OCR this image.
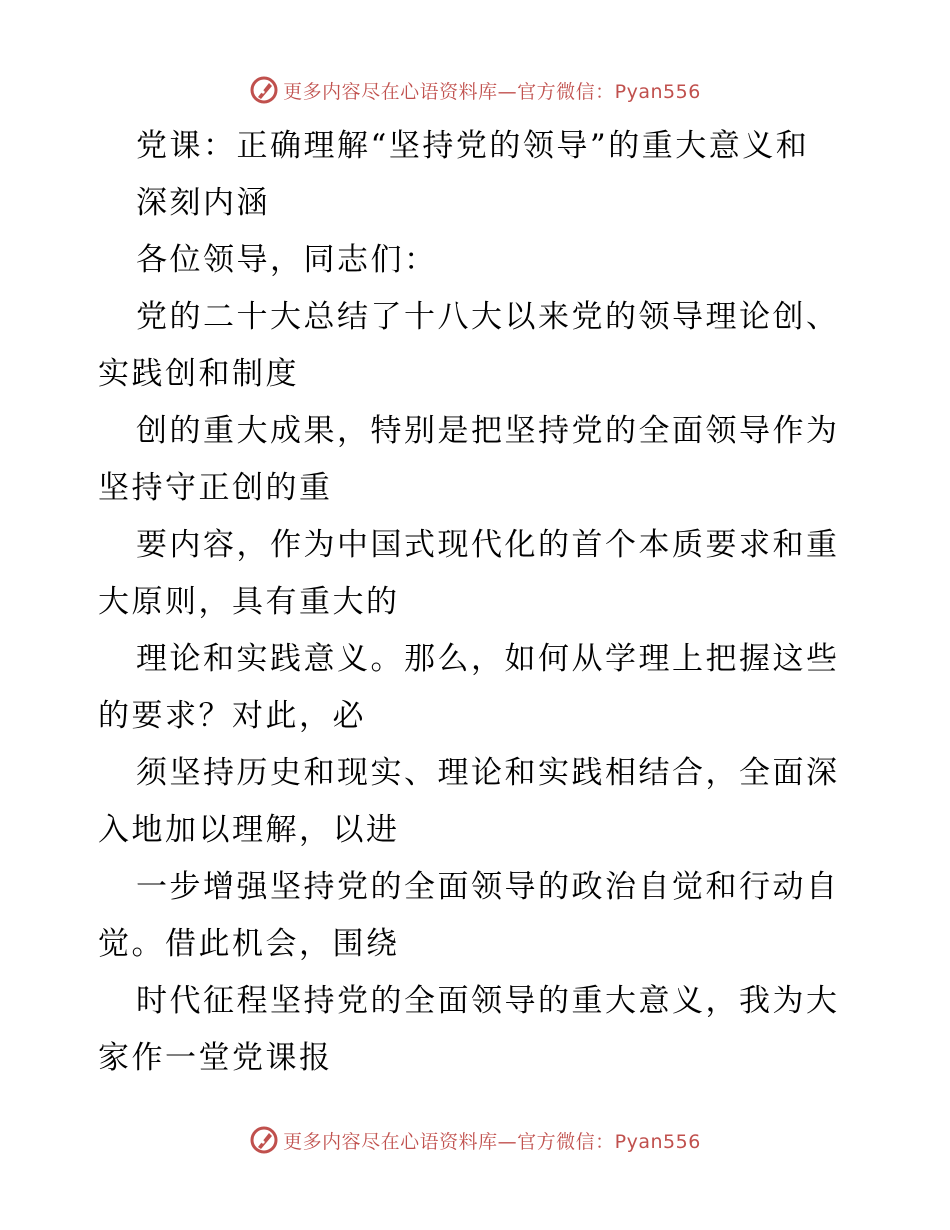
更多内容尽在心语资料库—官方微信：Pyan556

党课：正确理解“坚持党的领导”的重大意义和

深刻内涵

各位领导，同志们：

党的二十大总结了十八大以来党的领导理论创、

实践创和制度

创的重大成果，特别是把坚持党的全面领导作为

坚持守正创的重

要内容，作为中国式现代化的首个本质要求和重

大原则，具有重大的

理论和实践意义。那么，如何从学理上把握这些

的要求？对此，必

须坚持历史和现实、理论和实践相结合，全面深

入地加以理解，以进

一步增强坚持党的全面领导的政治自觉和行动自

觉。借此机会，围绕

时代征程坚持党的全面领导的重大意义，我为大

家作一堂党课报

更多内容尽在心语资料库—官方微信：Pyan556
